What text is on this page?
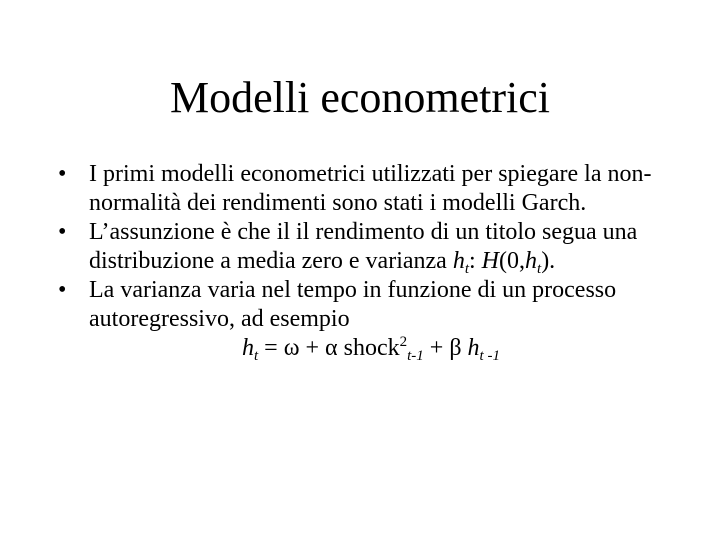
Modelli econometrici
• I primi modelli econometrici utilizzati per spiegare la non-normalità dei rendimenti sono stati i modelli Garch.
• L’assunzione è che il il rendimento di un titolo segua una distribuzione a media zero e varianza $h_t$: $H(0,h_t)$.
• La varianza varia nel tempo in funzione di un processo autoregressivo, ad esempio
$h_t = \omega + \alpha$ shock$^2_{t-1}$ + β $h_{t -1}$
